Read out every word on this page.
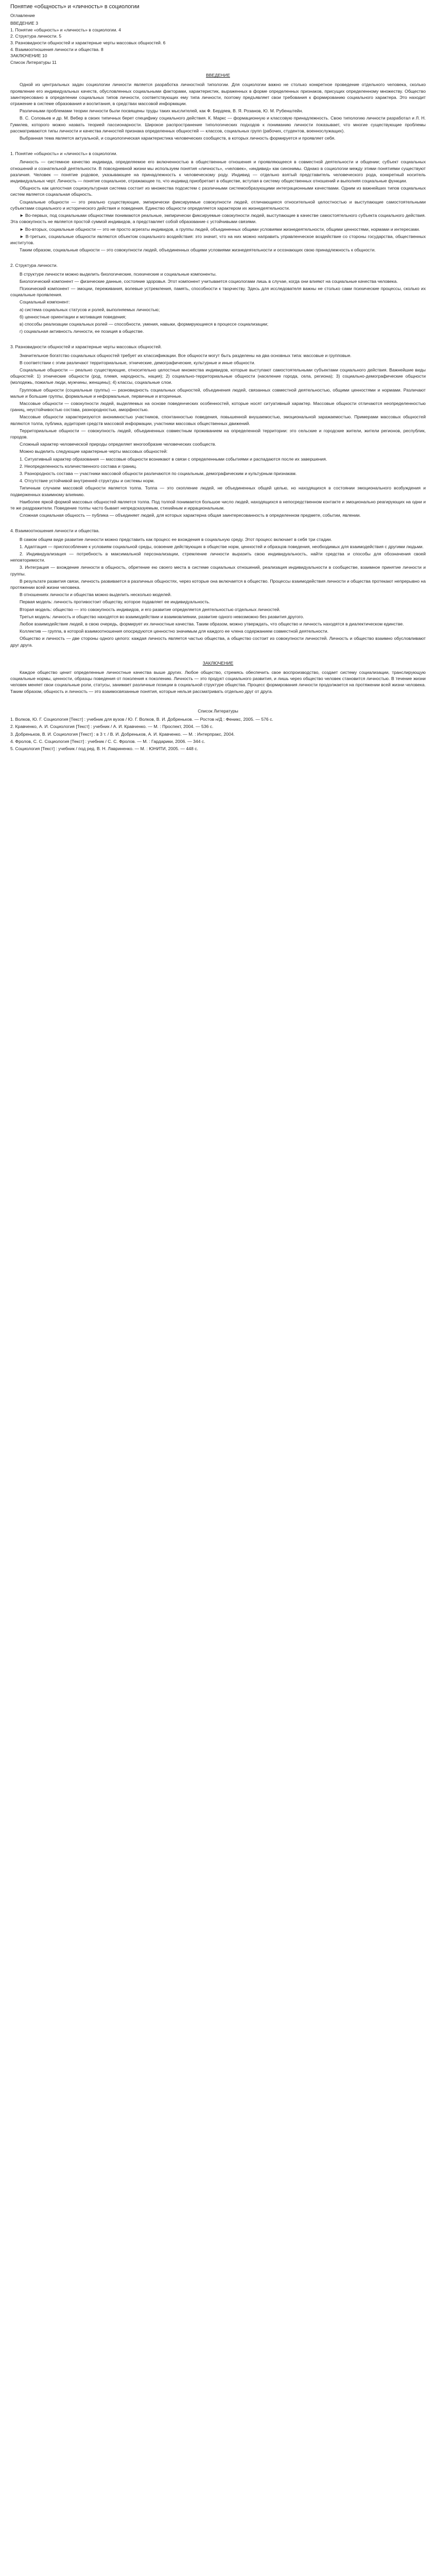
Понятие «общность» и «личность» в социологии
Оглавление
ВВЕДЕНИЕ 3
1. Понятие «общность» и «личность» в социологии. 4
2. Структура личности. 5
3. Разновидности общностей и характерные черты массовых общностей. 6
4. Взаимоотношения личности и общества. 8
ЗАКЛЮЧЕНИЕ 10
Список Литературы 11
ВВЕДЕНИЕ

Одной из центральных задач социологии личности является разработка личностной типологии. Для социологии важно не столько конкретное проведение отдельного человека, сколько проявление его индивидуальных качеств, обусловленных социальными факторами, характеристик, выраженных в форме определенных признаков, присущих определенному множеству. Общество заинтересовано в определении социальных типов личности, соответствующих ему типа личности, поэтому предъявляет свои требования к формированию социального характера. Это находит отражение в системе образования и воспитания, в средствах массовой информации.

Различными проблемами теории личности были посвящены труды таких мыслителей, как Ф. Бердяев, В. Я. Розанов, Ю. М. Рубенштейн.

В. С. Соловьев и др. М. Вебер в своих типичных берет специфику социального действия. К. Маркс — формационную и классовую принадлежность. Свою типологию личности разработал и Л. Н. Гумилев, которого можно назвать теорией пассионарности. Широкое распространение типологических подходов к пониманию личности показывает, что многие существующие проблемы рассматриваются типы личности и качества личностей признака определенных общностей — классов, социальных групп (рабочих, студентов, военнослужащих).

Выбранная тема является актуальной, и социологическая характеристика человеческих сообществ, в которых личность формируется и проявляет себя.

1. Понятие «общность» и «личность» в социологии.

Личность — системное качество индивида, определяемое его включенностью в общественные отношения и проявляющееся в совместной деятельности и общении; субъект социальных отношений и сознательной деятельности. В повседневной жизни мы используем понятия «личность», «человек», «индивид» как синонимы. Однако в социологии между этими понятиями существуют различия. Человек — понятие родовое, указывающее на принадлежность к человеческому роду. Индивид — отдельно взятый представитель человеческого рода, конкретный носитель индивидуальных черт. Личность — понятие социальное, отражающее то, что индивид приобретает в обществе, вступая в систему общественных отношений и выполняя социальные функции.

Общность как целостная социокультурная система состоит из множества подсистем с различными системообразующими интеграционными качествами. Одним из важнейших типов социальных систем является социальная общность.

Социальные общности — это реально существующие, эмпирически фиксируемые совокупности людей, отличающиеся относительной целостностью и выступающие самостоятельными субъектами социального и исторического действия и поведения. Единство общности определяется характером их жизнедеятельности.

► Во-первых, под социальными общностями понимаются реальные, эмпирически фиксируемые совокупности людей, выступающие в качестве самостоятельного субъекта социального действия. Эта совокупность не является простой суммой индивидов, а представляет собой образование с устойчивыми связями.

► Во-вторых, социальные общности — это не просто агрегаты индивидов, а группы людей, объединенных общими условиями жизнедеятельности, общими ценностями, нормами и интересами.

► В-третьих, социальные общности являются объектом социального воздействия: это значит, что на них можно направить управленческое воздействие со стороны государства, общественных институтов.

Таким образом, социальные общности — это совокупности людей, объединенных общими условиями жизнедеятельности и осознающих свою принадлежность к общности.

2. Структура личности.

В структуре личности можно выделить биологические, психические и социальные компоненты.

Биологический компонент — физические данные, состояние здоровья. Этот компонент учитывается социологами лишь в случае, когда они влияют на социальные качества человека.

Психический компонент — эмоции, переживания, волевые устремления, память, способности к творчеству. Здесь для исследователя важны не столько сами психические процессы, сколько их социальные проявления.

Социальный компонент:

а) система социальных статусов и ролей, выполняемых личностью;

б) ценностные ориентации и мотивация поведения;

в) способы реализации социальных ролей — способности, умения, навыки, формирующиеся в процессе социализации;

г) социальная активность личности, ее позиция в обществе.

3. Разновидности общностей и характерные черты массовых общностей.

Значительное богатство социальных общностей требует их классификации. Все общности могут быть разделены на два основных типа: массовые и групповые.

В соответствии с этим различают территориальные, этнические, демографические, культурные и иные общности.

Социальные общности — реально существующие, относительно целостные множества индивидов, которые выступают самостоятельными субъектами социального действия. Важнейшие виды общностей: 1) этнические общности (род, племя, народность, нация); 2) социально-территориальные общности (население города, села, региона); 3) социально-демографические общности (молодежь, пожилые люди, мужчины, женщины); 4) классы, социальные слои.

Групповые общности (социальные группы) — разновидность социальных общностей, объединения людей, связанных совместной деятельностью, общими ценностями и нормами. Различают малые и большие группы, формальные и неформальные, первичные и вторичные.

Массовые общности — совокупности людей, выделяемых на основе поведенческих особенностей, которые носят ситуативный характер. Массовые общности отличаются неопределенностью границ, неустойчивостью состава, разнородностью, аморфностью.

Массовые общности характеризуются анонимностью участников, спонтанностью поведения, повышенной внушаемостью, эмоциональной заражаемостью. Примерами массовых общностей являются толпа, публика, аудитория средств массовой информации, участники массовых общественных движений.

Территориальные общности — совокупность людей, объединенных совместным проживанием на определенной территории: это сельские и городские жители, жители регионов, республик, городов.

Сложный характер человеческой природы определяет многообразие человеческих сообществ.

Можно выделить следующие характерные черты массовых общностей:

1. Ситуативный характер образования — массовые общности возникают в связи с определенными событиями и распадаются после их завершения.

2. Неопределенность количественного состава и границ.

3. Разнородность состава — участники массовой общности различаются по социальным, демографическим и культурным признакам.

4. Отсутствие устойчивой внутренней структуры и системы норм.

Типичным случаем массовой общности является толпа. Толпа — это скопление людей, не объединенных общей целью, но находящихся в состоянии эмоционального возбуждения и подверженных взаимному влиянию.

Наиболее яркой формой массовых общностей является толпа. Под толпой понимается большое число людей, находящихся в непосредственном контакте и эмоционально реагирующих на одни и те же раздражители. Поведение толпы часто бывает непредсказуемым, стихийным и иррациональным.

Сложная социальная общность — публика — объединяет людей, для которых характерна общая заинтересованность в определенном предмете, событии, явлении.

4. Взаимоотношения личности и общества.

В самом общем виде развитие личности можно представить как процесс ее вхождения в социальную среду. Этот процесс включает в себя три стадии.

1. Адаптация — приспособление к условиям социальной среды, освоение действующих в обществе норм, ценностей и образцов поведения, необходимых для взаимодействия с другими людьми.

2. Индивидуализация — потребность в максимальной персонализации, стремление личности выразить свою индивидуальность, найти средства и способы для обозначения своей неповторимости.

3. Интеграция — вхождение личности в общность, обретение ею своего места в системе социальных отношений, реализация индивидуальности в сообществе, взаимное принятие личности и группы.

В результате развития связи, личность развивается в различных общностях, через которые она включается в общество. Процессы взаимодействия личности и общества протекают непрерывно на протяжении всей жизни человека.

В отношениях личности и общества можно выделить несколько моделей.

Первая модель: личность противостоит обществу, которое подавляет ее индивидуальность.

Вторая модель: общество — это совокупность индивидов, и его развитие определяется деятельностью отдельных личностей.

Третья модель: личность и общество находятся во взаимодействии и взаимовлиянии, развитие одного невозможно без развития другого.

Любое взаимодействие людей, в свою очередь, формирует их личностные качества. Таким образом, можно утверждать, что общество и личность находятся в диалектическом единстве.

Коллектив — группа, в которой взаимоотношения опосредуются ценностно значимым для каждого ее члена содержанием совместной деятельности.

Общество и личность — две стороны одного целого: каждая личность является частью общества, а общество состоит из совокупности личностей. Личность и общество взаимно обусловливают друг друга.

ЗАКЛЮЧЕНИЕ

Каждое общество ценит определенные личностные качества выше других. Любое общество, стремясь обеспечить свое воспроизводство, создает систему социализации, транслирующую социальные нормы, ценности, образцы поведения от поколения к поколению. Личность — это продукт социального развития, и лишь через общество человек становится личностью. В течение жизни человек меняет свои социальные роли, статусы, занимает различные позиции в социальной структуре общества. Процесс формирования личности продолжается на протяжении всей жизни человека. Таким образом, общность и личность — это взаимосвязанные понятия, которые нельзя рассматривать отдельно друг от друга.

Список Литературы
1. Волков, Ю. Г. Социология [Текст] : учебник для вузов / Ю. Г. Волков, В. И. Добреньков. — Ростов н/Д : Феникс, 2005. — 576 с.
2. Кравченко, А. И. Социология [Текст] : учебник / А. И. Кравченко. — М. : Проспект, 2004. — 536 с.
3. Добреньков, В. И. Социология [Текст] : в 3 т. / В. И. Добреньков, А. И. Кравченко. — М. : Интерпракс, 2004.
4. Фролов, С. С. Социология [Текст] : учебник / С. С. Фролов. — М. : Гардарики, 2006. — 344 с.
5. Социология [Текст] : учебник / под ред. В. Н. Лавриненко. — М. : ЮНИТИ, 2005. — 448 с.
